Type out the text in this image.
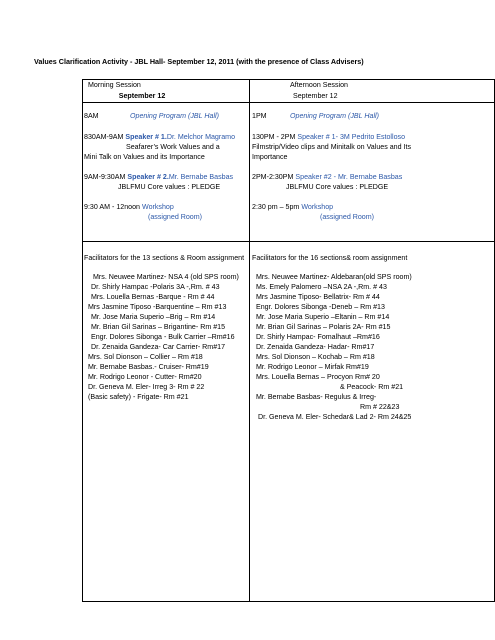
Values Clarification Activity - JBL Hall- September 12, 2011 (with the presence of Class Advisers)
Morning Session
September 12
8AM	Opening Program (JBL Hall)
830AM-9AM Speaker # 1.Dr. Melchor Magramo
Seafarer’s Work Values and a
Mini Talk on Values and its Importance
9AM-9:30AM Speaker # 2.Mr. Bernabe Basbas
JBLFMU Core values : PLEDGE
9:30 AM - 12noon Workshop
(assigned Room)
Facilitators for the 13 sections & Room assignment
Mrs. Neuwee Martinez- NSA 4 (old SPS room)
Dr. Shirly Hampac -Polaris 3A -,Rm. # 43
Mrs. Louella Bernas -Barque - Rm # 44
Mrs Jasmine Tiposo -Barquentine – Rm #13
Mr. Jose Maria Superio –Brig – Rm #14
Mr. Brian Gil Sarinas – Brigantine- Rm #15
Engr. Dolores Sibonga - Bulk Carrier –Rm#16
Dr. Zenaida Gandeza- Car Carrier- Rm#17
Mrs. Sol Dionson – Collier – Rm #18
Mr. Bernabe Basbas.- Cruiser- Rm#19
Mr. Rodrigo Leonor - Cutter- Rm#20
Dr. Geneva M. Eler- Irreg 3- Rm # 22
(Basic safety) - Frigate- Rm #21
Afternoon Session
September 12
1PM	Opening Program (JBL Hall)
130PM - 2PM Speaker # 1- 3M Pedrito Estolloso
Filmstrip/Video clips and Minitalk on Values and Its
Importance
2PM-2:30PM Speaker #2 - Mr. Bernabe Basbas
JBLFMU Core values : PLEDGE
2:30 pm – 5pm Workshop
(assigned Room)
Facilitators for the 16 sections& room assignment
Mrs. Neuwee Martinez- Aldebaran(old SPS room)
Ms. Emely Palomero –NSA 2A -,Rm. # 43
Mrs Jasmine Tiposo- Bellatrix- Rm # 44
Engr. Dolores Sibonga -Deneb – Rm #13
Mr. Jose Maria Superio –Eltanin – Rm #14
Mr. Brian Gil Sarinas – Polaris 2A- Rm #15
Dr. Shirly Hampac- Fomalhaut –Rm#16
Dr. Zenaida Gandeza- Hadar- Rm#17
Mrs. Sol Dionson – Kochab – Rm #18
Mr. Rodrigo Leonor – Mirfak Rm#19
Mrs. Louella Bernas – Procyon Rm# 20
& Peacock- Rm #21
Mr. Bernabe Basbas- Regulus & Irreg-
Rm # 22&23
Dr. Geneva M. Eler- Schedar& Lad 2- Rm 24&25
